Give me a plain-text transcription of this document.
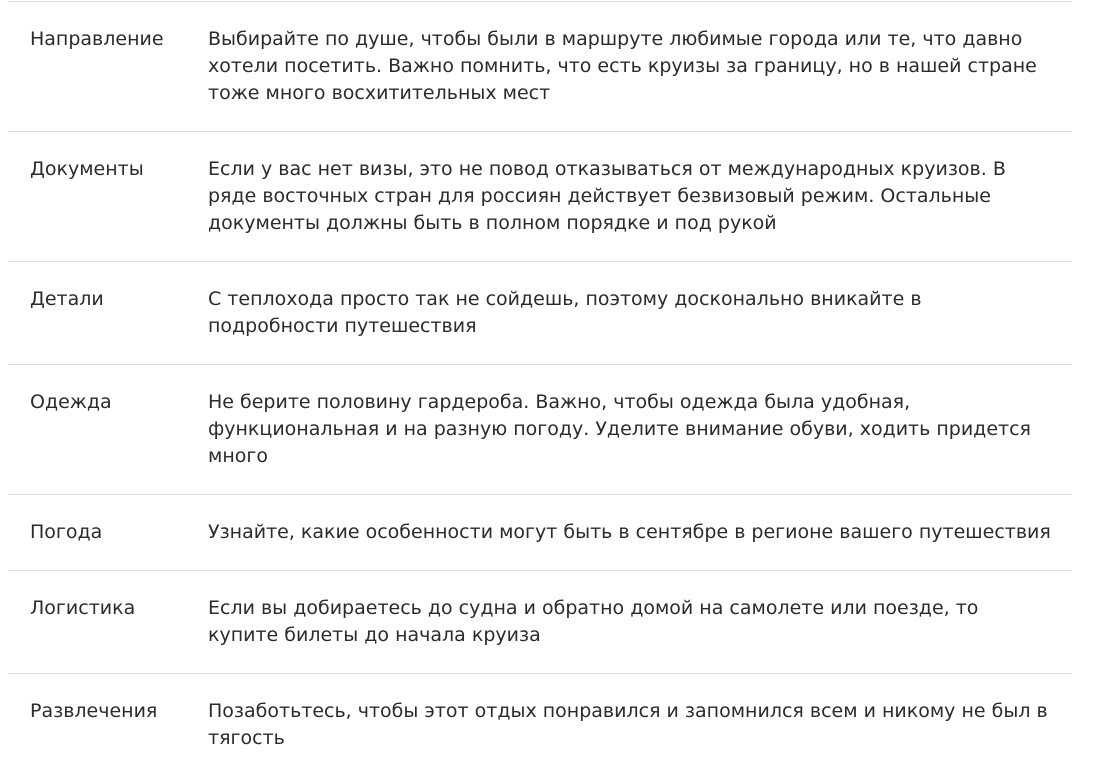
Направление	Выбирайте по душе, чтобы были в маршруте любимые города или те, что давно хотели посетить. Важно помнить, что есть круизы за границу, но в нашей стране тоже много восхитительных мест
Документы	Если у вас нет визы, это не повод отказываться от международных круизов. В ряде восточных стран для россиян действует безвизовый режим. Остальные документы должны быть в полном порядке и под рукой
Детали	С теплохода просто так не сойдешь, поэтому досконально вникайте в подробности путешествия
Одежда	Не берите половину гардероба. Важно, чтобы одежда была удобная, функциональная и на разную погоду. Уделите внимание обуви, ходить придется много
Погода	Узнайте, какие особенности могут быть в сентябре в регионе вашего путешествия
Логистика	Если вы добираетесь до судна и обратно домой на самолете или поезде, то купите билеты до начала круиза
Развлечения	Позаботьтесь, чтобы этот отдых понравился и запомнился всем и никому не был в тягость
